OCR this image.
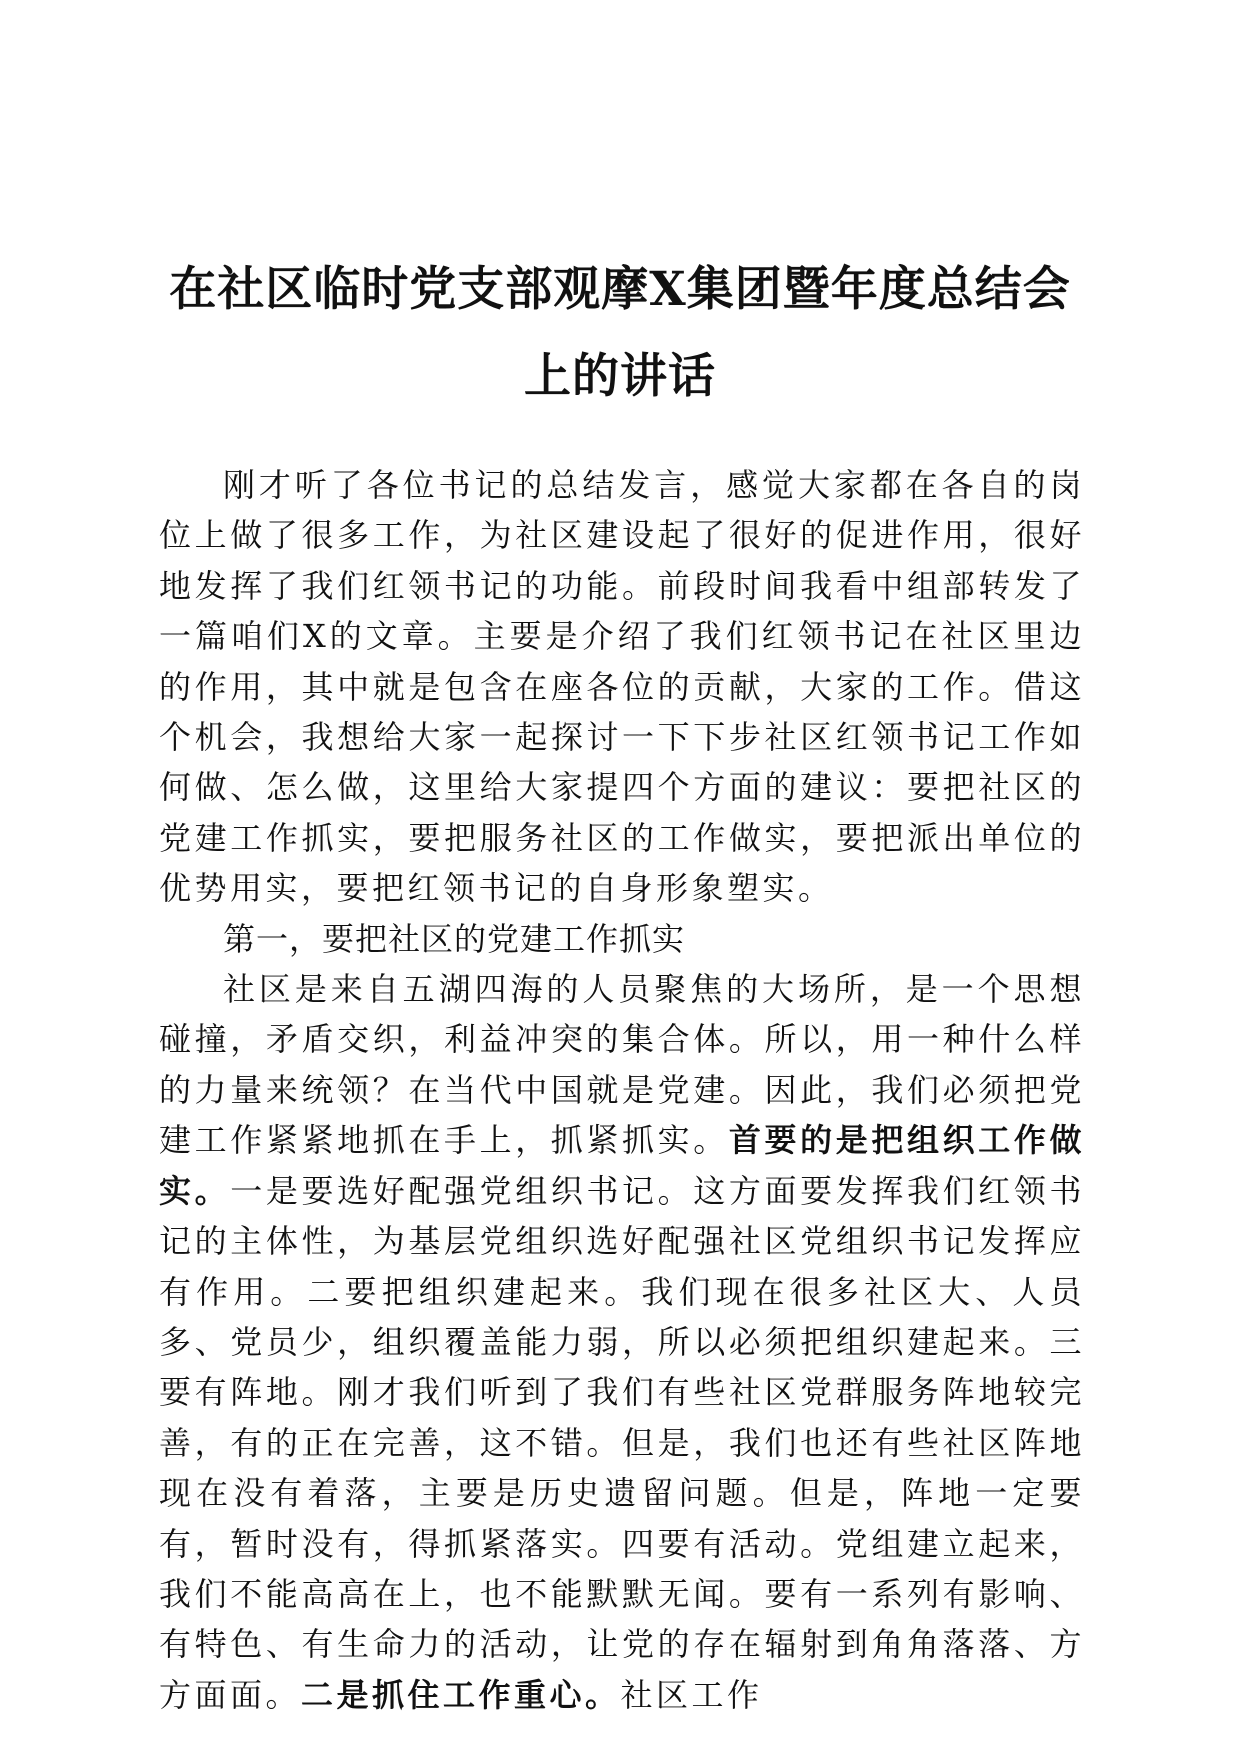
在社区临时党支部观摩X集团暨年度总结会
上的讲话

刚才听了各位书记的总结发言，感觉大家都在各自的岗位上做了很多工作，为社区建设起了很好的促进作用，很好地发挥了我们红领书记的功能。前段时间我看中组部转发了一篇咱们X的文章。主要是介绍了我们红领书记在社区里边的作用，其中就是包含在座各位的贡献，大家的工作。借这个机会，我想给大家一起探讨一下下步社区红领书记工作如何做、怎么做，这里给大家提四个方面的建议：要把社区的党建工作抓实，要把服务社区的工作做实，要把派出单位的优势用实，要把红领书记的自身形象塑实。

第一，要把社区的党建工作抓实

社区是来自五湖四海的人员聚焦的大场所，是一个思想碰撞，矛盾交织，利益冲突的集合体。所以，用一种什么样的力量来统领？在当代中国就是党建。因此，我们必须把党建工作紧紧地抓在手上，抓紧抓实。首要的是把组织工作做实。一是要选好配强党组织书记。这方面要发挥我们红领书记的主体性，为基层党组织选好配强社区党组织书记发挥应有作用。二要把组织建起来。我们现在很多社区大、人员多、党员少，组织覆盖能力弱，所以必须把组织建起来。三要有阵地。刚才我们听到了我们有些社区党群服务阵地较完善，有的正在完善，这不错。但是，我们也还有些社区阵地现在没有着落，主要是历史遗留问题。但是，阵地一定要有，暂时没有，得抓紧落实。四要有活动。党组建立起来，我们不能高高在上，也不能默默无闻。要有一系列有影响、有特色、有生命力的活动，让党的存在辐射到角角落落、方方面面。二是抓住工作重心。社区工作
